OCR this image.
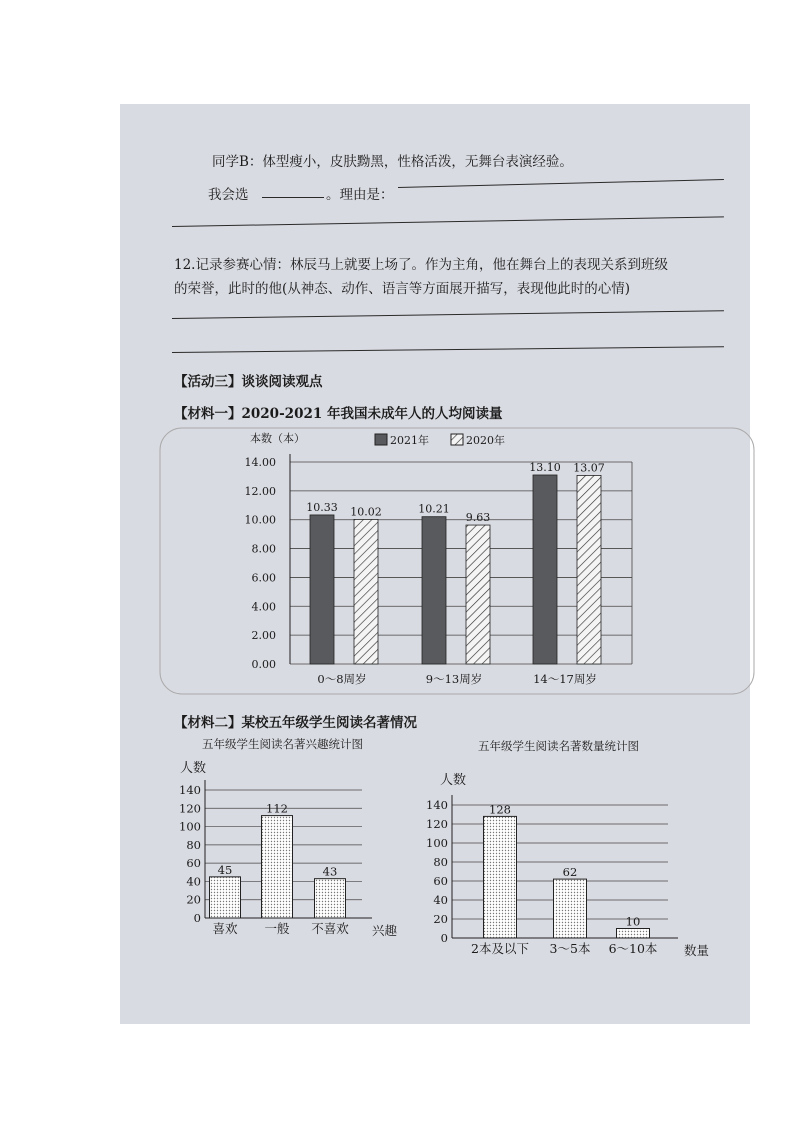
同学B：体型瘦小，皮肤黝黑，性格活泼，无舞台表演经验。
我会选	。理由是：
12.记录参赛心情：林辰马上就要上场了。作为主角，他在舞台上的表现关系到班级
的荣誉，此时的他(从神态、动作、语言等方面展开描写，表现他此时的心情)
【活动三】谈谈阅读观点
【材料一】2020-2021 年我国未成年人的人均阅读量
0.00
2.00
4.00
6.00
8.00
10.00
12.00
14.00
本数（本）	2021年	2020年
10.33 10.02
0～8周岁
10.21
9.63
9～13周岁
13.10 13.07
14～17周岁
五年级学生阅读名著兴趣统计图
人数
0
20
40
60
80
100
120
140
45
喜欢
112
一般
43
不喜欢 兴趣
五年级学生阅读名著数量统计图
人数
0
20
40
60
80
100
120
140	128
2本及以下
62
3～5本
10
6～10本 数量
【材料二】某校五年级学生阅读名著情况
